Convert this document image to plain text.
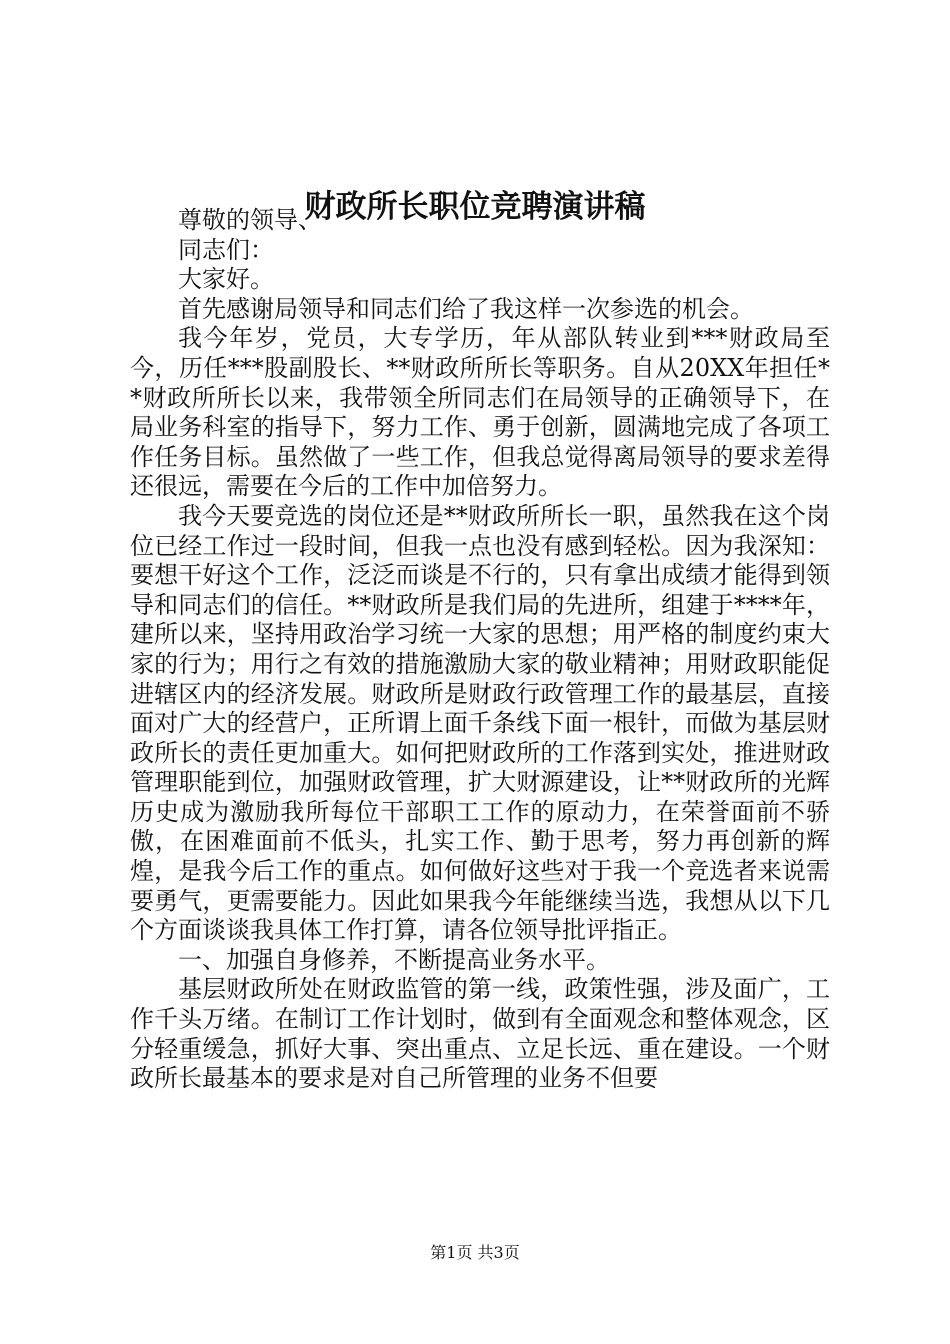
财政所长职位竞聘演讲稿

尊敬的领导、

同志们：

大家好。

首先感谢局领导和同志们给了我这样一次参选的机会。

我今年岁，党员，大专学历，年从部队转业到***财政局至今，历任***股副股长、**财政所所长等职务。自从20XX年担任**财政所所长以来，我带领全所同志们在局领导的正确领导下，在局业务科室的指导下，努力工作、勇于创新，圆满地完成了各项工作任务目标。虽然做了一些工作，但我总觉得离局领导的要求差得还很远，需要在今后的工作中加倍努力。

我今天要竞选的岗位还是**财政所所长一职，虽然我在这个岗位已经工作过一段时间，但我一点也没有感到轻松。因为我深知：要想干好这个工作，泛泛而谈是不行的，只有拿出成绩才能得到领导和同志们的信任。**财政所是我们局的先进所，组建于****年，建所以来，坚持用政治学习统一大家的思想；用严格的制度约束大家的行为；用行之有效的措施激励大家的敬业精神；用财政职能促进辖区内的经济发展。财政所是财政行政管理工作的最基层，直接面对广大的经营户，正所谓上面千条线下面一根针，而做为基层财政所长的责任更加重大。如何把财政所的工作落到实处，推进财政管理职能到位，加强财政管理，扩大财源建设，让**财政所的光辉历史成为激励我所每位干部职工工作的原动力，在荣誉面前不骄傲，在困难面前不低头，扎实工作、勤于思考，努力再创新的辉煌，是我今后工作的重点。如何做好这些对于我一个竞选者来说需要勇气，更需要能力。因此如果我今年能继续当选，我想从以下几个方面谈谈我具体工作打算，请各位领导批评指正。

一、加强自身修养，不断提高业务水平。

基层财政所处在财政监管的第一线，政策性强，涉及面广，工作千头万绪。在制订工作计划时，做到有全面观念和整体观念，区分轻重缓急，抓好大事、突出重点、立足长远、重在建设。一个财政所长最基本的要求是对自己所管理的业务不但要

第1页 共3页
